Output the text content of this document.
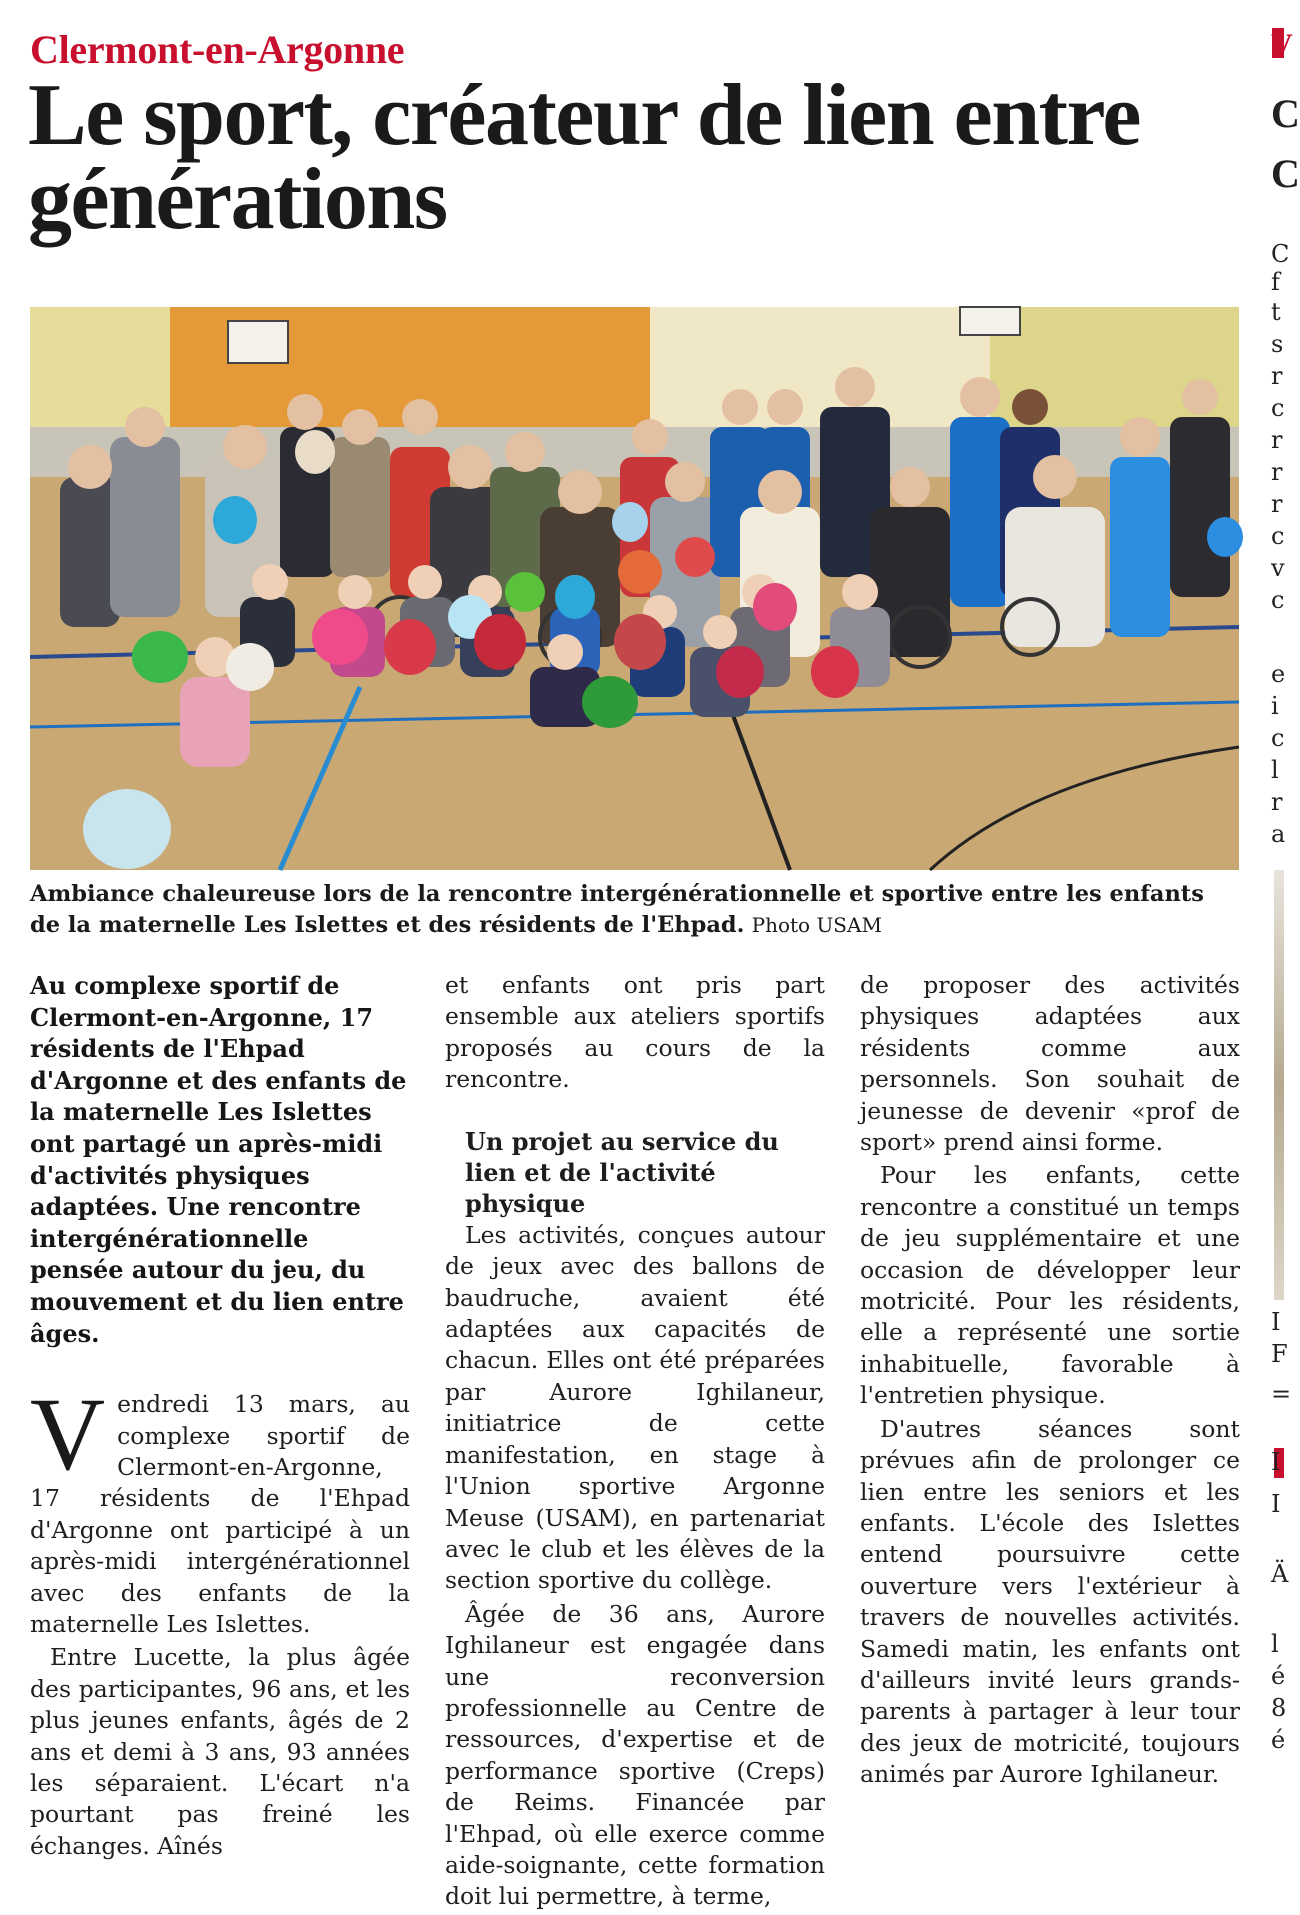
Clermont-en-Argonne
Le sport, créateur de lien entre générations

Ambiance chaleureuse lors de la rencontre intergénérationnelle et sportive entre les enfants de la maternelle Les Islettes et des résidents de l'Ehpad. Photo USAM

Au complexe sportif de Clermont-en-Argonne, 17 résidents de l'Ehpad d'Argonne et des enfants de la maternelle Les Islettes ont partagé un après-midi d'activités physiques adaptées. Une rencontre intergénérationnelle pensée autour du jeu, du mouvement et du lien entre âges.

Vendredi 13 mars, au complexe sportif de Clermont-en-Argonne, 17 résidents de l'Ehpad d'Argonne ont participé à un après-midi intergénérationnel avec des enfants de la maternelle Les Islettes.

Entre Lucette, la plus âgée des participantes, 96 ans, et les plus jeunes enfants, âgés de 2 ans et demi à 3 ans, 93 années les séparaient. L'écart n'a pourtant pas freiné les échanges. Aînés

et enfants ont pris part ensemble aux ateliers sportifs proposés au cours de la rencontre.

Un projet au service du lien et de l'activité physique

Les activités, conçues autour de jeux avec des ballons de baudruche, avaient été adaptées aux capacités de chacun. Elles ont été préparées par Aurore Ighilaneur, initiatrice de cette manifestation, en stage à l'Union sportive Argonne Meuse (USAM), en partenariat avec le club et les élèves de la section sportive du collège.

Âgée de 36 ans, Aurore Ighilaneur est engagée dans une reconversion professionnelle au Centre de ressources, d'expertise et de performance sportive (Creps) de Reims. Financée par l'Ehpad, où elle exerce comme aide-soignante, cette formation doit lui permettre, à terme,

de proposer des activités physiques adaptées aux résidents comme aux personnels. Son souhait de jeunesse de devenir «prof de sport» prend ainsi forme.

Pour les enfants, cette rencontre a constitué un temps de jeu supplémentaire et une occasion de développer leur motricité. Pour les résidents, elle a représenté une sortie inhabituelle, favorable à l'entretien physique.

D'autres séances sont prévues afin de prolonger ce lien entre les seniors et les enfants. L'école des Islettes entend poursuivre cette ouverture vers l'extérieur à travers de nouvelles activités. Samedi matin, les enfants ont d'ailleurs invité leurs grands-parents à partager à leur tour des jeux de motricité, toujours animés par Aurore Ighilaneur.

V
C
C
C
f
t
s
r
c
r
r
r
c
v
c
e
i
c
l
r
a
I
F
=
I
I
Ä
l
é
8
é
